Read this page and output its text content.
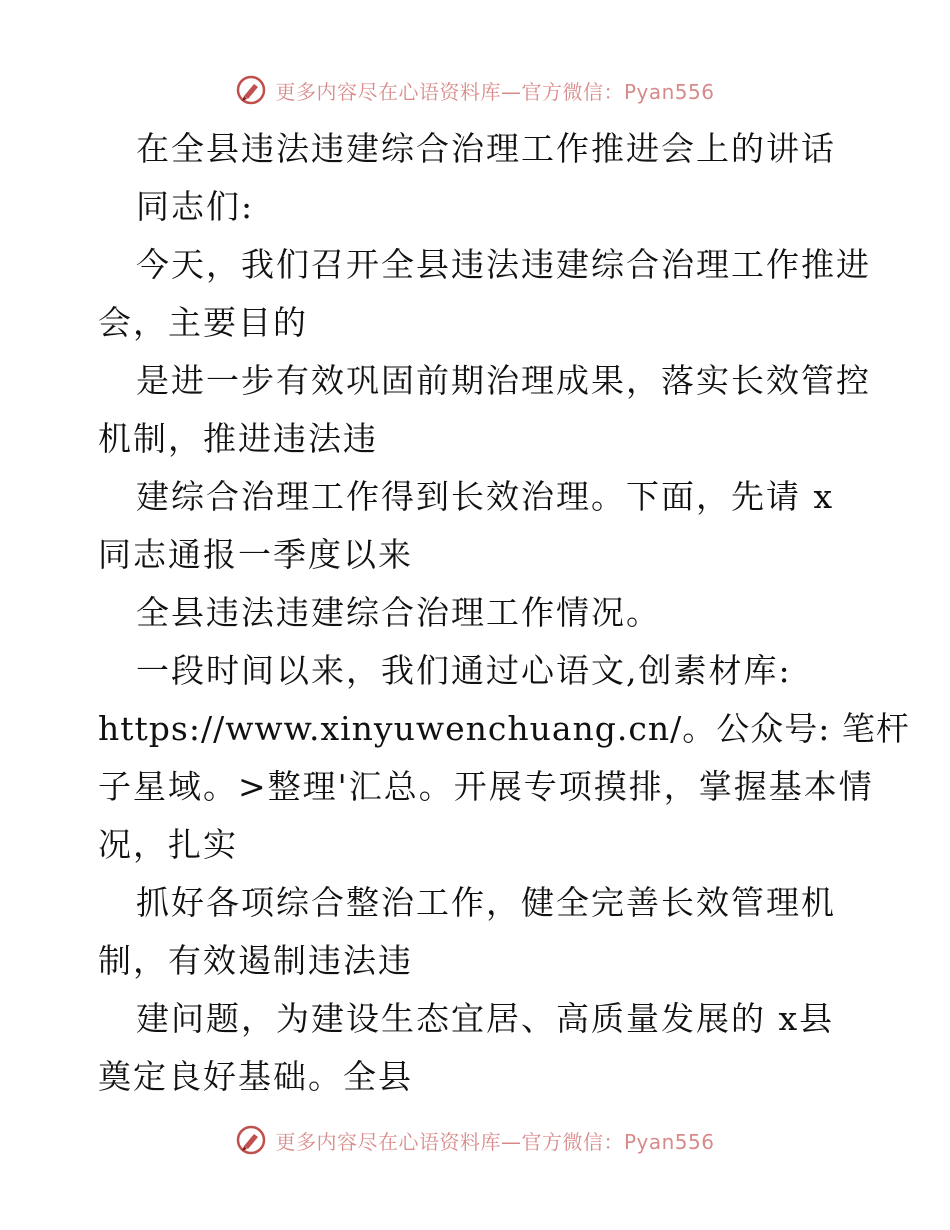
更多内容尽在心语资料库—官方微信：Pyan556
在全县违法违建综合治理工作推进会上的讲话
同志们:
今天，我们召开全县违法违建综合治理工作推进
会，主要目的
是进一步有效巩固前期治理成果，落实长效管控
机制，推进违法违
建综合治理工作得到长效治理。下面，先请 x
同志通报一季度以来
全县违法违建综合治理工作情况。
一段时间以来，我们通过心语文,创素材库:
https://www.xinyuwenchuang.cn/。公众号: 笔杆
子星域。>整理'汇总。开展专项摸排，掌握基本情
况，扎实
抓好各项综合整治工作，健全完善长效管理机
制，有效遏制违法违
建问题，为建设生态宜居、高质量发展的 x县
奠定良好基础。全县
更多内容尽在心语资料库—官方微信：Pyan556
